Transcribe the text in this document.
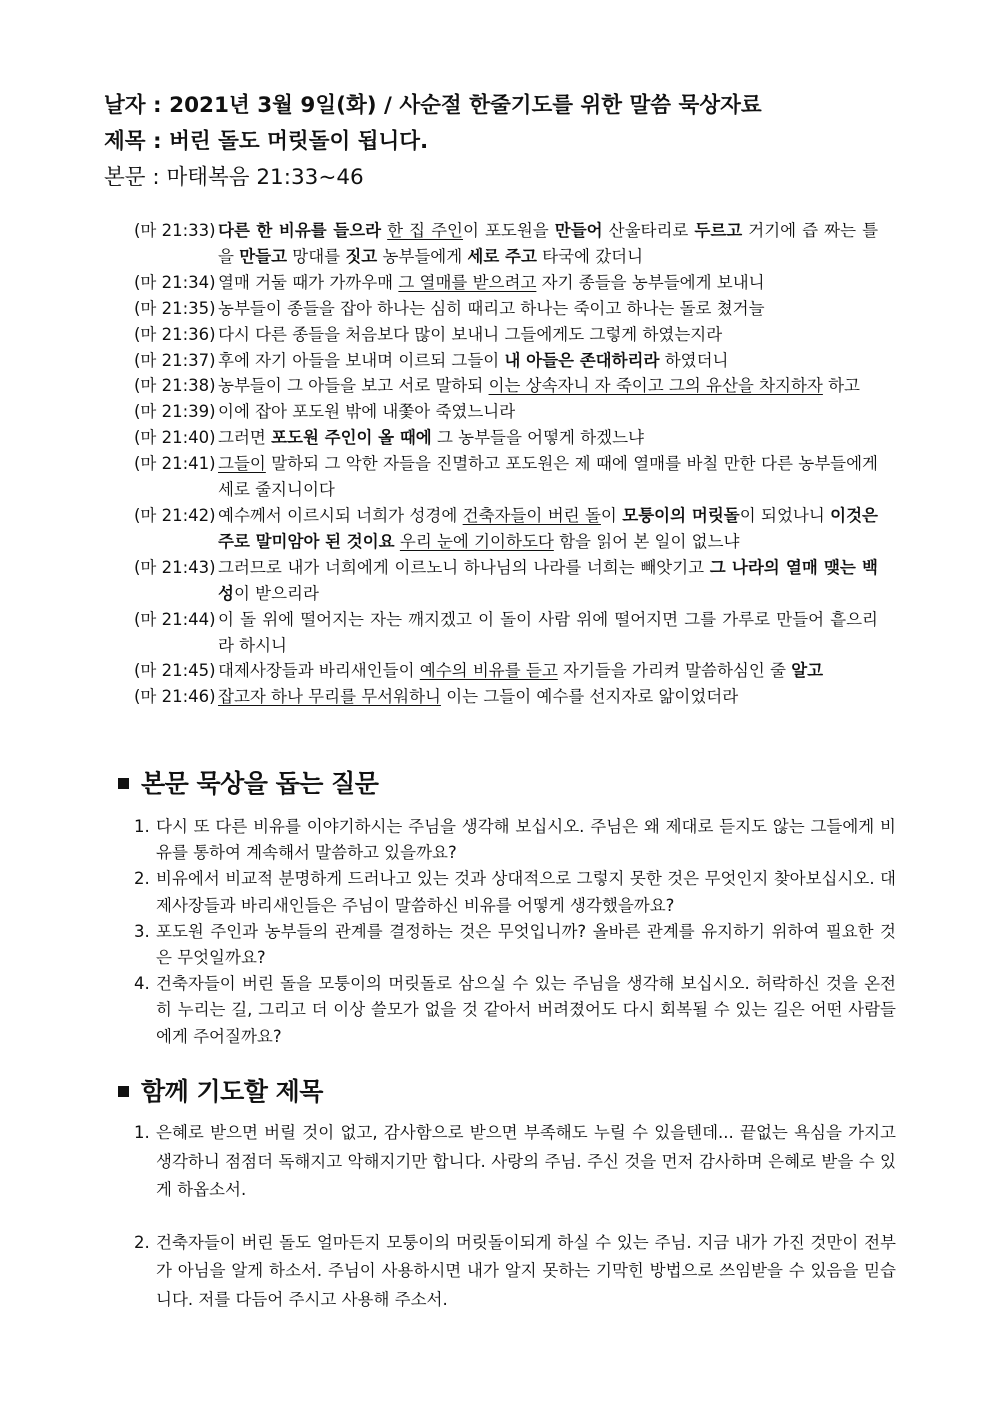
날자 : 2021년 3월 9일(화) / 사순절 한줄기도를 위한 말씀 묵상자료
제목 : 버린 돌도 머릿돌이 됩니다.
본문 : 마태복음 21:33~46
(마 21:33) 다른 한 비유를 들으라 한 집 주인이 포도원을 만들어 산울타리로 두르고 거기에 즙 짜는 틀을 만들고 망대를 짓고 농부들에게 세로 주고 타국에 갔더니
(마 21:34) 열매 거둘 때가 가까우매 그 열매를 받으려고 자기 종들을 농부들에게 보내니
(마 21:35) 농부들이 종들을 잡아 하나는 심히 때리고 하나는 죽이고 하나는 돌로 쳤거늘
(마 21:36) 다시 다른 종들을 처음보다 많이 보내니 그들에게도 그렇게 하였는지라
(마 21:37) 후에 자기 아들을 보내며 이르되 그들이 내 아들은 존대하리라 하였더니
(마 21:38) 농부들이 그 아들을 보고 서로 말하되 이는 상속자니 자 죽이고 그의 유산을 차지하자 하고
(마 21:39) 이에 잡아 포도원 밖에 내쫓아 죽였느니라
(마 21:40) 그러면 포도원 주인이 올 때에 그 농부들을 어떻게 하겠느냐
(마 21:41) 그들이 말하되 그 악한 자들을 진멸하고 포도원은 제 때에 열매를 바칠 만한 다른 농부들에게 세로 줄지니이다
(마 21:42) 예수께서 이르시되 너희가 성경에 건축자들이 버린 돌이 모퉁이의 머릿돌이 되었나니 이것은 주로 말미암아 된 것이요 우리 눈에 기이하도다 함을 읽어 본 일이 없느냐
(마 21:43) 그러므로 내가 너희에게 이르노니 하나님의 나라를 너희는 빼앗기고 그 나라의 열매 맺는 백성이 받으리라
(마 21:44) 이 돌 위에 떨어지는 자는 깨지겠고 이 돌이 사람 위에 떨어지면 그를 가루로 만들어 흩으리라 하시니
(마 21:45) 대제사장들과 바리새인들이 예수의 비유를 듣고 자기들을 가리켜 말씀하심인 줄 알고
(마 21:46) 잡고자 하나 무리를 무서워하니 이는 그들이 예수를 선지자로 앎이었더라
본문 묵상을 돕는 질문
1. 다시 또 다른 비유를 이야기하시는 주님을 생각해 보십시오. 주님은 왜 제대로 듣지도 않는 그들에게 비유를 통하여 계속해서 말씀하고 있을까요?
2. 비유에서 비교적 분명하게 드러나고 있는 것과 상대적으로 그렇지 못한 것은 무엇인지 찾아보십시오. 대제사장들과 바리새인들은 주님이 말씀하신 비유를 어떻게 생각했을까요?
3. 포도원 주인과 농부들의 관계를 결정하는 것은 무엇입니까? 올바른 관계를 유지하기 위하여 필요한 것은 무엇일까요?
4. 건축자들이 버린 돌을 모퉁이의 머릿돌로 삼으실 수 있는 주님을 생각해 보십시오. 허락하신 것을 온전히 누리는 길, 그리고 더 이상 쓸모가 없을 것 같아서 버려졌어도 다시 회복될 수 있는 길은 어떤 사람들에게 주어질까요?
함께 기도할 제목
1. 은혜로 받으면 버릴 것이 없고, 감사함으로 받으면 부족해도 누릴 수 있을텐데... 끝없는 욕심을 가지고 생각하니 점점더 독해지고 악해지기만 합니다. 사랑의 주님. 주신 것을 먼저 감사하며 은혜로 받을 수 있게 하옵소서.
2. 건축자들이 버린 돌도 얼마든지 모퉁이의 머릿돌이되게 하실 수 있는 주님. 지금 내가 가진 것만이 전부가 아님을 알게 하소서. 주님이 사용하시면 내가 알지 못하는 기막힌 방법으로 쓰임받을 수 있음을 믿습니다. 저를 다듬어 주시고 사용해 주소서.
